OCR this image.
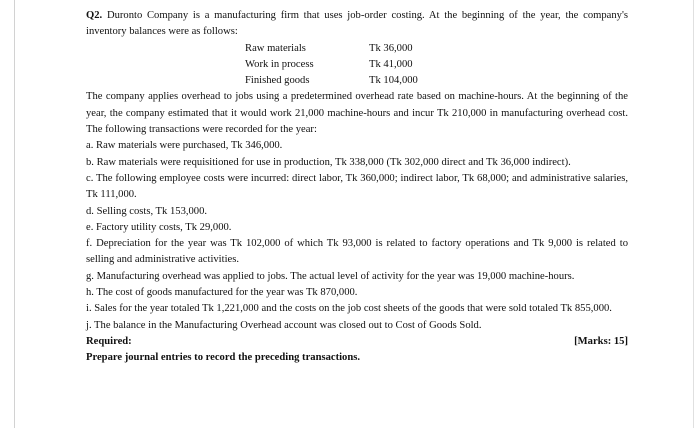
Q2. Duronto Company is a manufacturing firm that uses job-order costing. At the beginning of the year, the company's inventory balances were as follows:

Raw materials	Tk 36,000
Work in process	Tk 41,000
Finished goods	Tk 104,000

The company applies overhead to jobs using a predetermined overhead rate based on machine-hours. At the beginning of the year, the company estimated that it would work 21,000 machine-hours and incur Tk 210,000 in manufacturing overhead cost. The following transactions were recorded for the year:

a. Raw materials were purchased, Tk 346,000.

b. Raw materials were requisitioned for use in production, Tk 338,000 (Tk 302,000 direct and Tk 36,000 indirect).

c. The following employee costs were incurred: direct labor, Tk 360,000; indirect labor, Tk 68,000; and administrative salaries, Tk 111,000.

d. Selling costs, Tk 153,000.

e. Factory utility costs, Tk 29,000.

f. Depreciation for the year was Tk 102,000 of which Tk 93,000 is related to factory operations and Tk 9,000 is related to selling and administrative activities.

g. Manufacturing overhead was applied to jobs. The actual level of activity for the year was 19,000 machine-hours.

h. The cost of goods manufactured for the year was Tk 870,000.

i. Sales for the year totaled Tk 1,221,000 and the costs on the job cost sheets of the goods that were sold totaled Tk 855,000.

j. The balance in the Manufacturing Overhead account was closed out to Cost of Goods Sold.

Required:	[Marks: 15]

Prepare journal entries to record the preceding transactions.
